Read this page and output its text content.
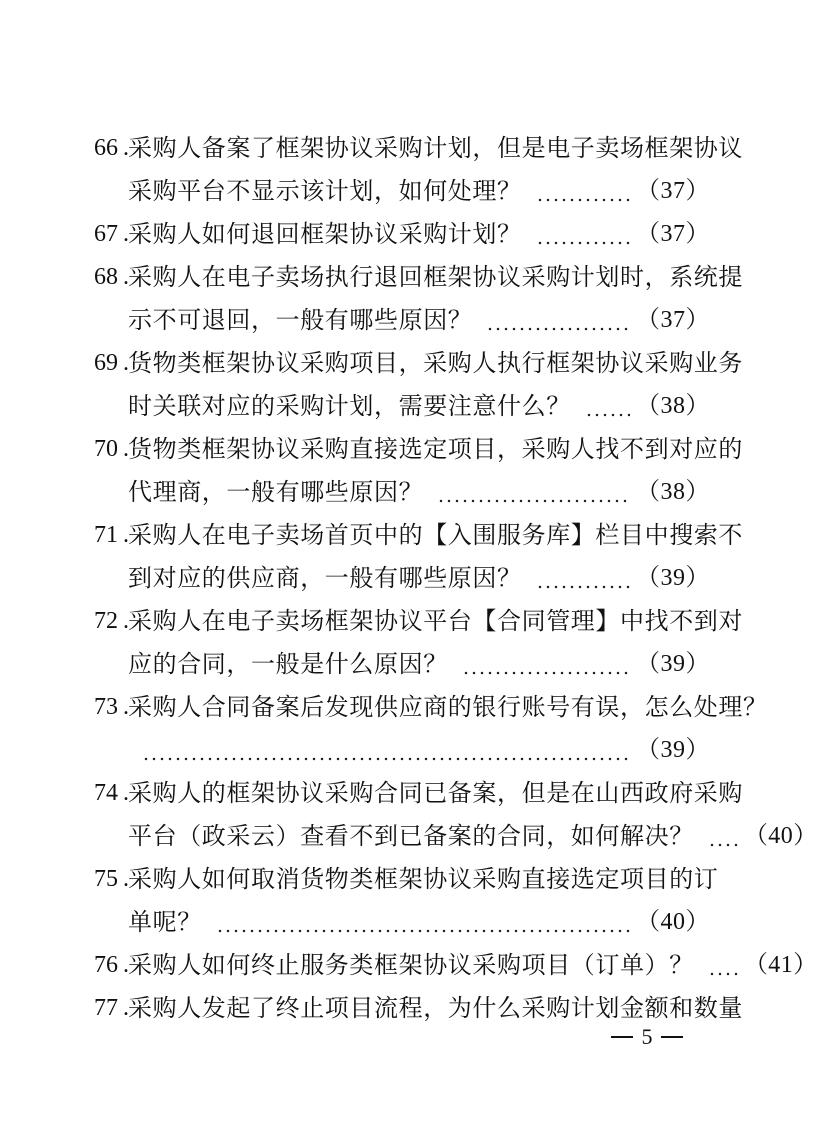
66 . 采购人备案了框架协议采购计划，但是电子卖场框架协议
采购平台不显示该计划，如何处理？	（37）
67 . 采购人如何退回框架协议采购计划？	（37）
68 . 采购人在电子卖场执行退回框架协议采购计划时，系统提
示不可退回，一般有哪些原因？	（37）
69 . 货物类框架协议采购项目，采购人执行框架协议采购业务
时关联对应的采购计划，需要注意什么？	（38）
70 . 货物类框架协议采购直接选定项目，采购人找不到对应的
代理商，一般有哪些原因？	（38）
71 . 采购人在电子卖场首页中的【入围服务库】栏目中搜索不
到对应的供应商，一般有哪些原因？	（39）
72 . 采购人在电子卖场框架协议平台【合同管理】中找不到对
应的合同，一般是什么原因？	（39）
73 . 采购人合同备案后发现供应商的银行账号有误，怎么处理？
（39）
74 . 采购人的框架协议采购合同已备案，但是在山西政府采购
平台（政采云）查看不到已备案的合同，如何解决？ （40）
75 . 采购人如何取消货物类框架协议采购直接选定项目的订
单呢？	（40）
76 . 采购人如何终止服务类框架协议采购项目（订单）？ （41）
77 . 采购人发起了终止项目流程，为什么采购计划金额和数量
5
